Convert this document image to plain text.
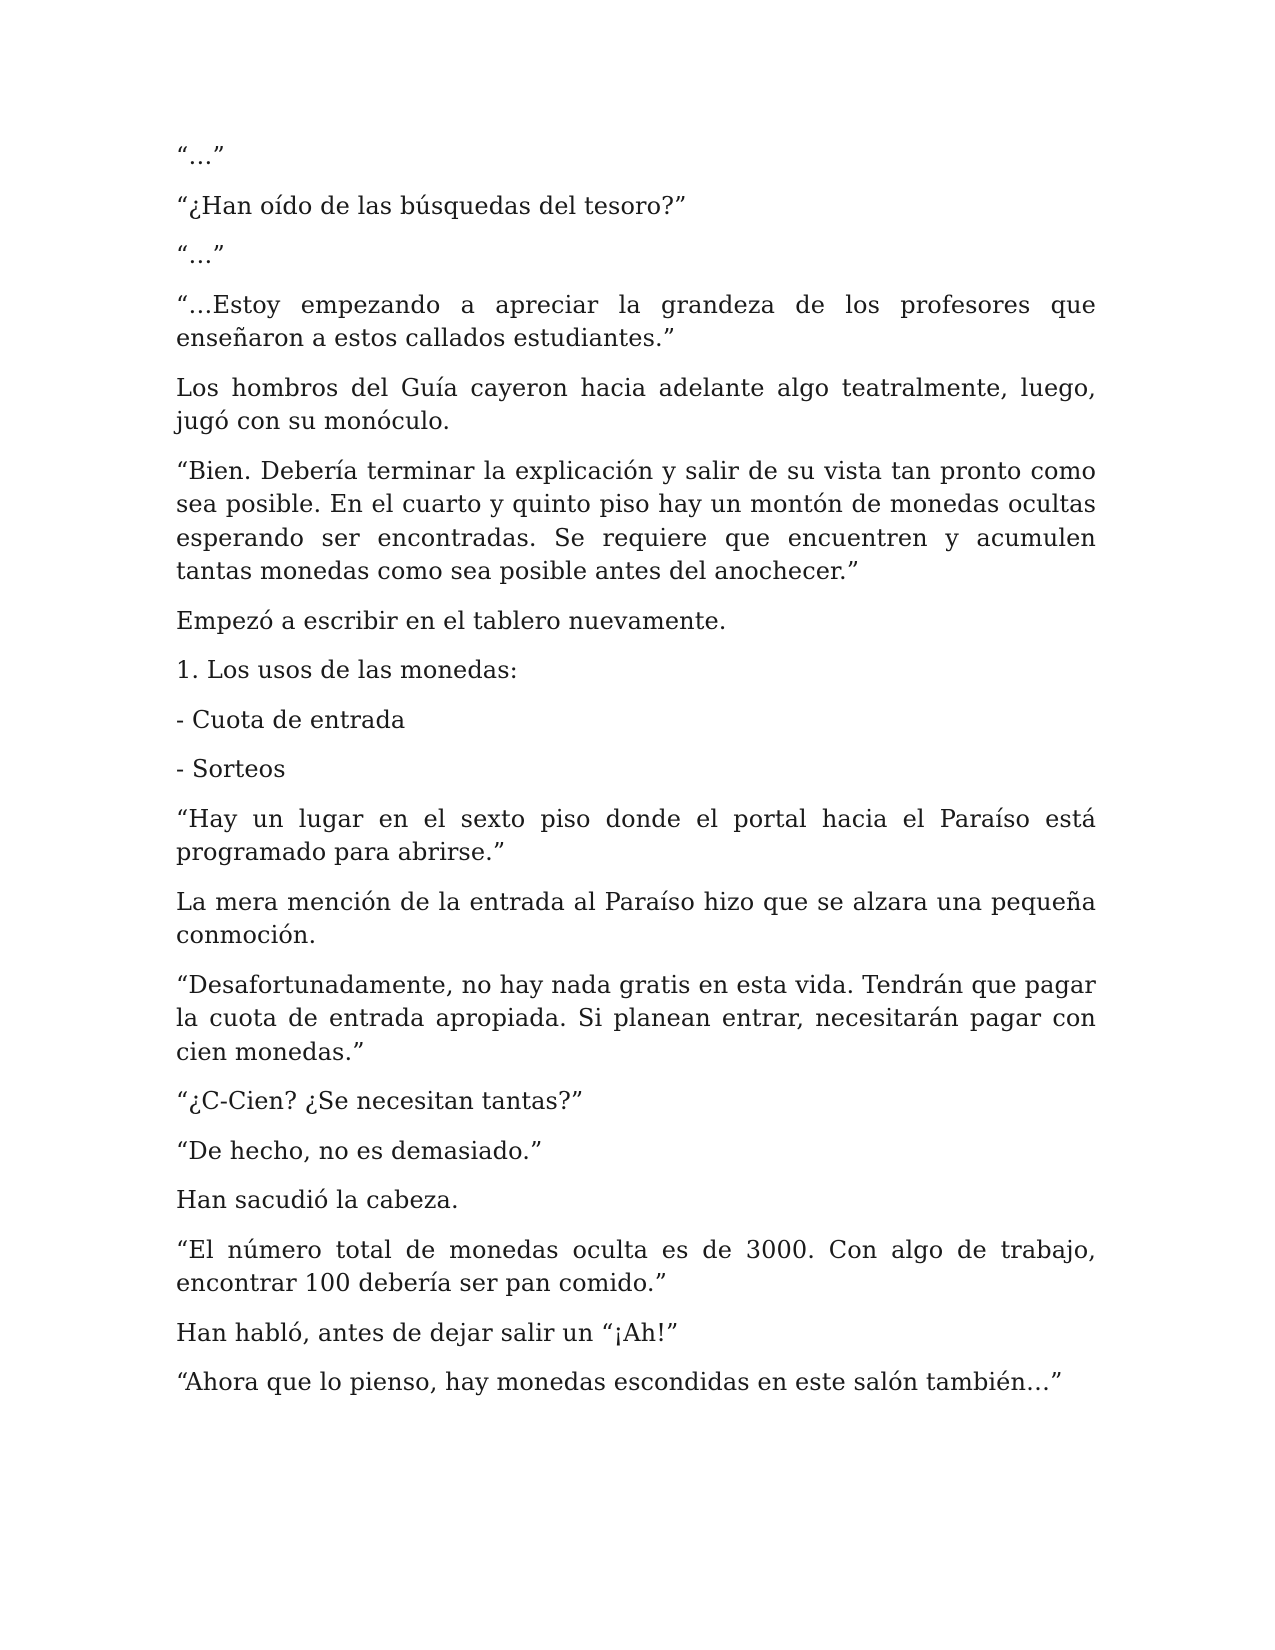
“…”

“¿Han oído de las búsquedas del tesoro?”

“…”

“…Estoy empezando a apreciar la grandeza de los profesores que enseñaron a estos callados estudiantes.”

Los hombros del Guía cayeron hacia adelante algo teatralmente, luego, jugó con su monóculo.

“Bien. Debería terminar la explicación y salir de su vista tan pronto como sea posible. En el cuarto y quinto piso hay un montón de monedas ocultas esperando ser encontradas. Se requiere que encuentren y acumulen tantas monedas como sea posible antes del anochecer.”

Empezó a escribir en el tablero nuevamente.

1. Los usos de las monedas:

- Cuota de entrada

- Sorteos

“Hay un lugar en el sexto piso donde el portal hacia el Paraíso está programado para abrirse.”

La mera mención de la entrada al Paraíso hizo que se alzara una pequeña conmoción.

“Desafortunadamente, no hay nada gratis en esta vida. Tendrán que pagar la cuota de entrada apropiada. Si planean entrar, necesitarán pagar con cien monedas.”

“¿C-Cien? ¿Se necesitan tantas?”

“De hecho, no es demasiado.”

Han sacudió la cabeza.

“El número total de monedas oculta es de 3000. Con algo de trabajo, encontrar 100 debería ser pan comido.”

Han habló, antes de dejar salir un “¡Ah!”

“Ahora que lo pienso, hay monedas escondidas en este salón también…”
